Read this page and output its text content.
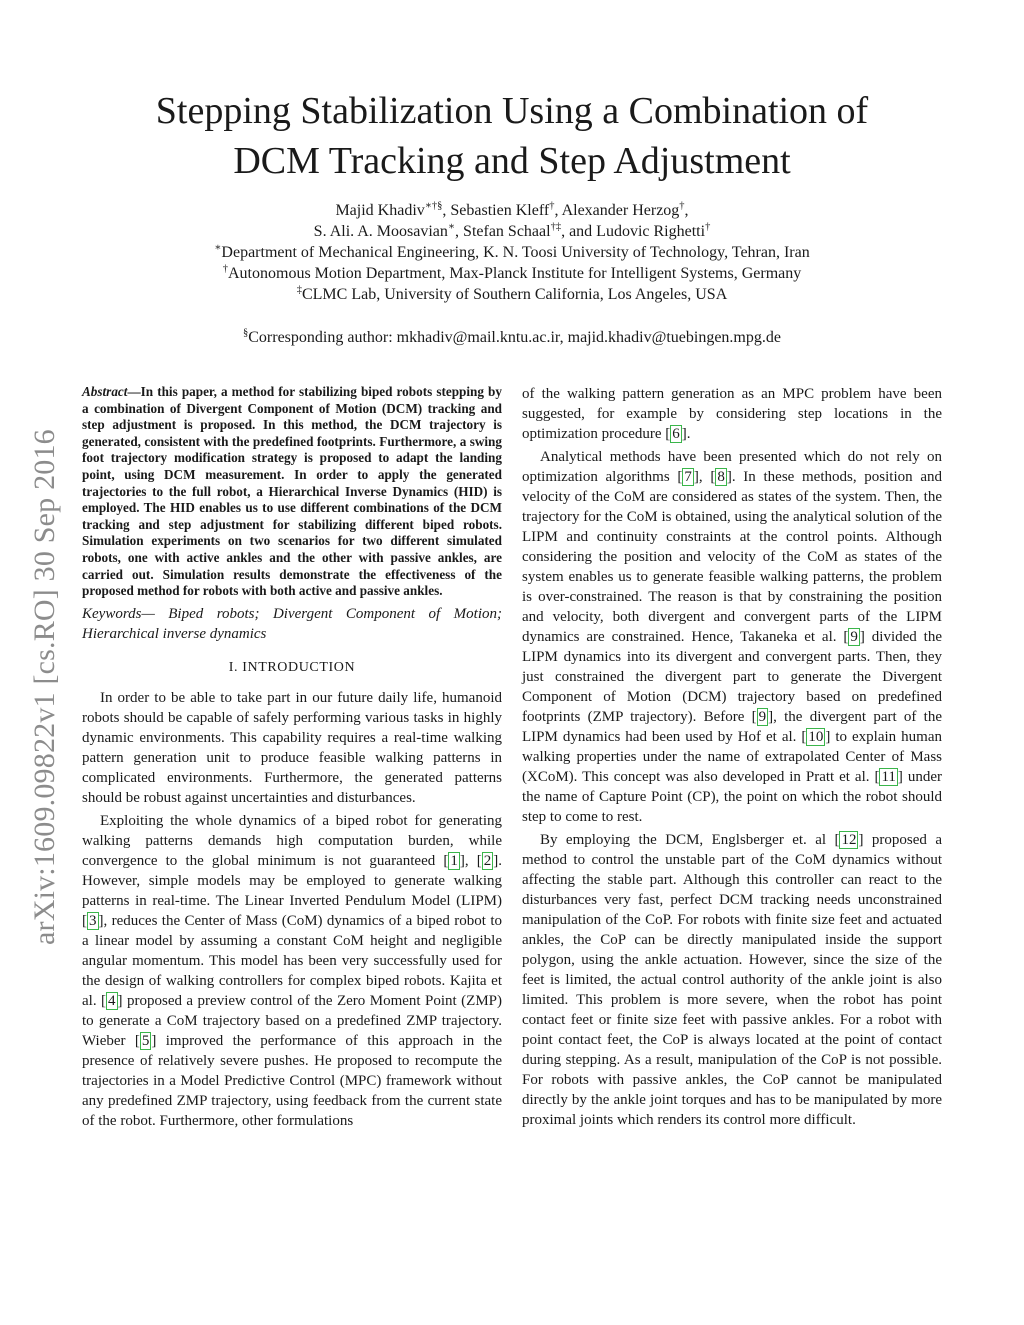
Stepping Stabilization Using a Combination of
DCM Tracking and Step Adjustment
Majid Khadiv∗†§, Sebastien Kleff†, Alexander Herzog†,
S. Ali. A. Moosavian∗, Stefan Schaal†‡, and Ludovic Righetti†
∗Department of Mechanical Engineering, K. N. Toosi University of Technology, Tehran, Iran
†Autonomous Motion Department, Max-Planck Institute for Intelligent Systems, Germany
‡CLMC Lab, University of Southern California, Los Angeles, USA
§Corresponding author: mkhadiv@mail.kntu.ac.ir, majid.khadiv@tuebingen.mpg.de
arXiv:1609.09822v1 [cs.RO] 30 Sep 2016

Abstract—In this paper, a method for stabilizing biped robots stepping by a combination of Divergent Component of Motion (DCM) tracking and step adjustment is proposed. In this method, the DCM trajectory is generated, consistent with the predefined footprints. Furthermore, a swing foot trajectory modification strategy is proposed to adapt the landing point, using DCM measurement. In order to apply the generated trajectories to the full robot, a Hierarchical Inverse Dynamics (HID) is employed. The HID enables us to use different combinations of the DCM tracking and step adjustment for stabilizing different biped robots. Simulation experiments on two scenarios for two different simulated robots, one with active ankles and the other with passive ankles, are carried out. Simulation results demonstrate the effectiveness of the proposed method for robots with both active and passive ankles.

Keywords— Biped robots; Divergent Component of Motion; Hierarchical inverse dynamics

I. INTRODUCTION

In order to be able to take part in our future daily life, humanoid robots should be capable of safely performing various tasks in highly dynamic environments. This capability requires a real-time walking pattern generation unit to produce feasible walking patterns in complicated environments. Furthermore, the generated patterns should be robust against uncertainties and disturbances.

Exploiting the whole dynamics of a biped robot for generating walking patterns demands high computation burden, while convergence to the global minimum is not guaranteed [ 1 ], [ 2 ]. However, simple models may be employed to generate walking patterns in real-time. The Linear Inverted Pendulum Model (LIPM) [ 3 ], reduces the Center of Mass (CoM) dynamics of a biped robot to a linear model by assuming a constant CoM height and negligible angular momentum. This model has been very successfully used for the design of walking controllers for complex biped robots. Kajita et al. [ 4 ] proposed a preview control of the Zero Moment Point (ZMP) to generate a CoM trajectory based on a predefined ZMP trajectory. Wieber [ 5 ] improved the performance of this approach in the presence of relatively severe pushes. He proposed to recompute the trajectories in a Model Predictive Control (MPC) framework without any predefined ZMP trajectory, using feedback from the current state of the robot. Furthermore, other formulations

of the walking pattern generation as an MPC problem have been suggested, for example by considering step locations in the optimization procedure [ 6 ].

Analytical methods have been presented which do not rely on optimization algorithms [ 7 ], [ 8 ]. In these methods, position and velocity of the CoM are considered as states of the system. Then, the trajectory for the CoM is obtained, using the analytical solution of the LIPM and continuity constraints at the control points. Although considering the position and velocity of the CoM as states of the system enables us to generate feasible walking patterns, the problem is over-constrained. The reason is that by constraining the position and velocity, both divergent and convergent parts of the LIPM dynamics are constrained. Hence, Takaneka et al. [ 9 ] divided the LIPM dynamics into its divergent and convergent parts. Then, they just constrained the divergent part to generate the Divergent Component of Motion (DCM) trajectory based on predefined footprints (ZMP trajectory). Before [ 9 ], the divergent part of the LIPM dynamics had been used by Hof et al. [ 10 ] to explain human walking properties under the name of extrapolated Center of Mass (XCoM). This concept was also developed in Pratt et al. [ 11 ] under the name of Capture Point (CP), the point on which the robot should step to come to rest.

By employing the DCM, Englsberger et. al [ 12 ] proposed a method to control the unstable part of the CoM dynamics without affecting the stable part. Although this controller can react to the disturbances very fast, perfect DCM tracking needs unconstrained manipulation of the CoP. For robots with finite size feet and actuated ankles, the CoP can be directly manipulated inside the support polygon, using the ankle actuation. However, since the size of the feet is limited, the actual control authority of the ankle joint is also limited. This problem is more severe, when the robot has point contact feet or finite size feet with passive ankles. For a robot with point contact feet, the CoP is always located at the point of contact during stepping. As a result, manipulation of the CoP is not possible. For robots with passive ankles, the CoP cannot be manipulated directly by the ankle joint torques and has to be manipulated by more proximal joints which renders its control more difficult.
